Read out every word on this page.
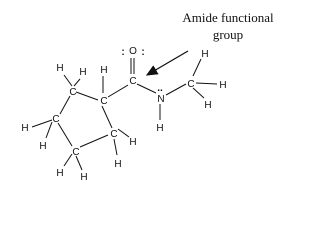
Amide functional
group
: :
..
O
C
N
H
C
H
H
H
C
C
C
C
C
H H H
H
H
H H
H
H
